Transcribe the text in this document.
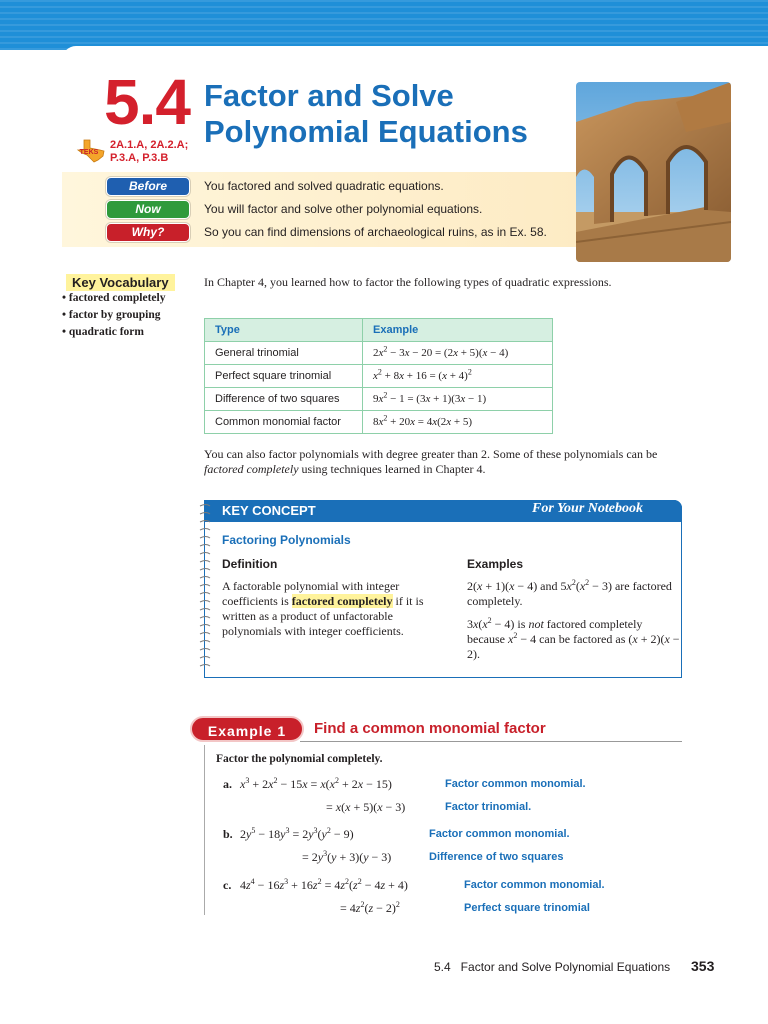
5.4 Factor and Solve Polynomial Equations
TEKS
2A.1.A, 2A.2.A;
P.3.A, P.3.B
Before	You factored and solved quadratic equations.
Now	You will factor and solve other polynomial equations.
Why?	So you can find dimensions of archaeological ruins, as in Ex. 58.
Key Vocabulary
• factored completely
• factor by grouping
• quadratic form
In Chapter 4, you learned how to factor the following types of quadratic expressions.
Type	Example
General trinomial	$2x^2 - 3x - 20 = (2x + 5)(x - 4)$
Perfect square trinomial	$x^2 + 8x + 16 = (x + 4)^2$
Difference of two squares	$9x^2 - 1 = (3x + 1)(3x - 1)$
Common monomial factor	$8x^2 + 20x = 4x(2x + 5)$
You can also factor polynomials with degree greater than 2. Some of these polynomials can be factored completely using techniques learned in Chapter 4.
KEY CONCEPT	For Your Notebook
Factoring Polynomials
Definition	Examples
A factorable polynomial with integer coefficients is factored completely if it is written as a product of unfactorable polynomials with integer coefficients.
2(x + 1)(x − 4) and $5x^2(x^2 - 3)$ are factored completely.
$3x(x^2 - 4)$ is not factored completely because $x^2 - 4$ can be factored as (x + 2)(x − 2).
Example 1	Find a common monomial factor
Factor the polynomial completely.
a. $x^3 + 2x^2 - 15x = x(x^2 + 2x - 15)$	Factor common monomial.
= x(x + 5)(x − 3)	Factor trinomial.
b. $2y^5 - 18y^3 = 2y^3(y^2 - 9)$	Factor common monomial.
= $2y^3(y + 3)(y - 3)$	Difference of two squares
c. $4z^4 - 16z^3 + 16z^2 = 4z^2(z^2 - 4z + 4)$	Factor common monomial.
= $4z^2(z - 2)^2$	Perfect square trinomial
5.4   Factor and Solve Polynomial Equations 353
